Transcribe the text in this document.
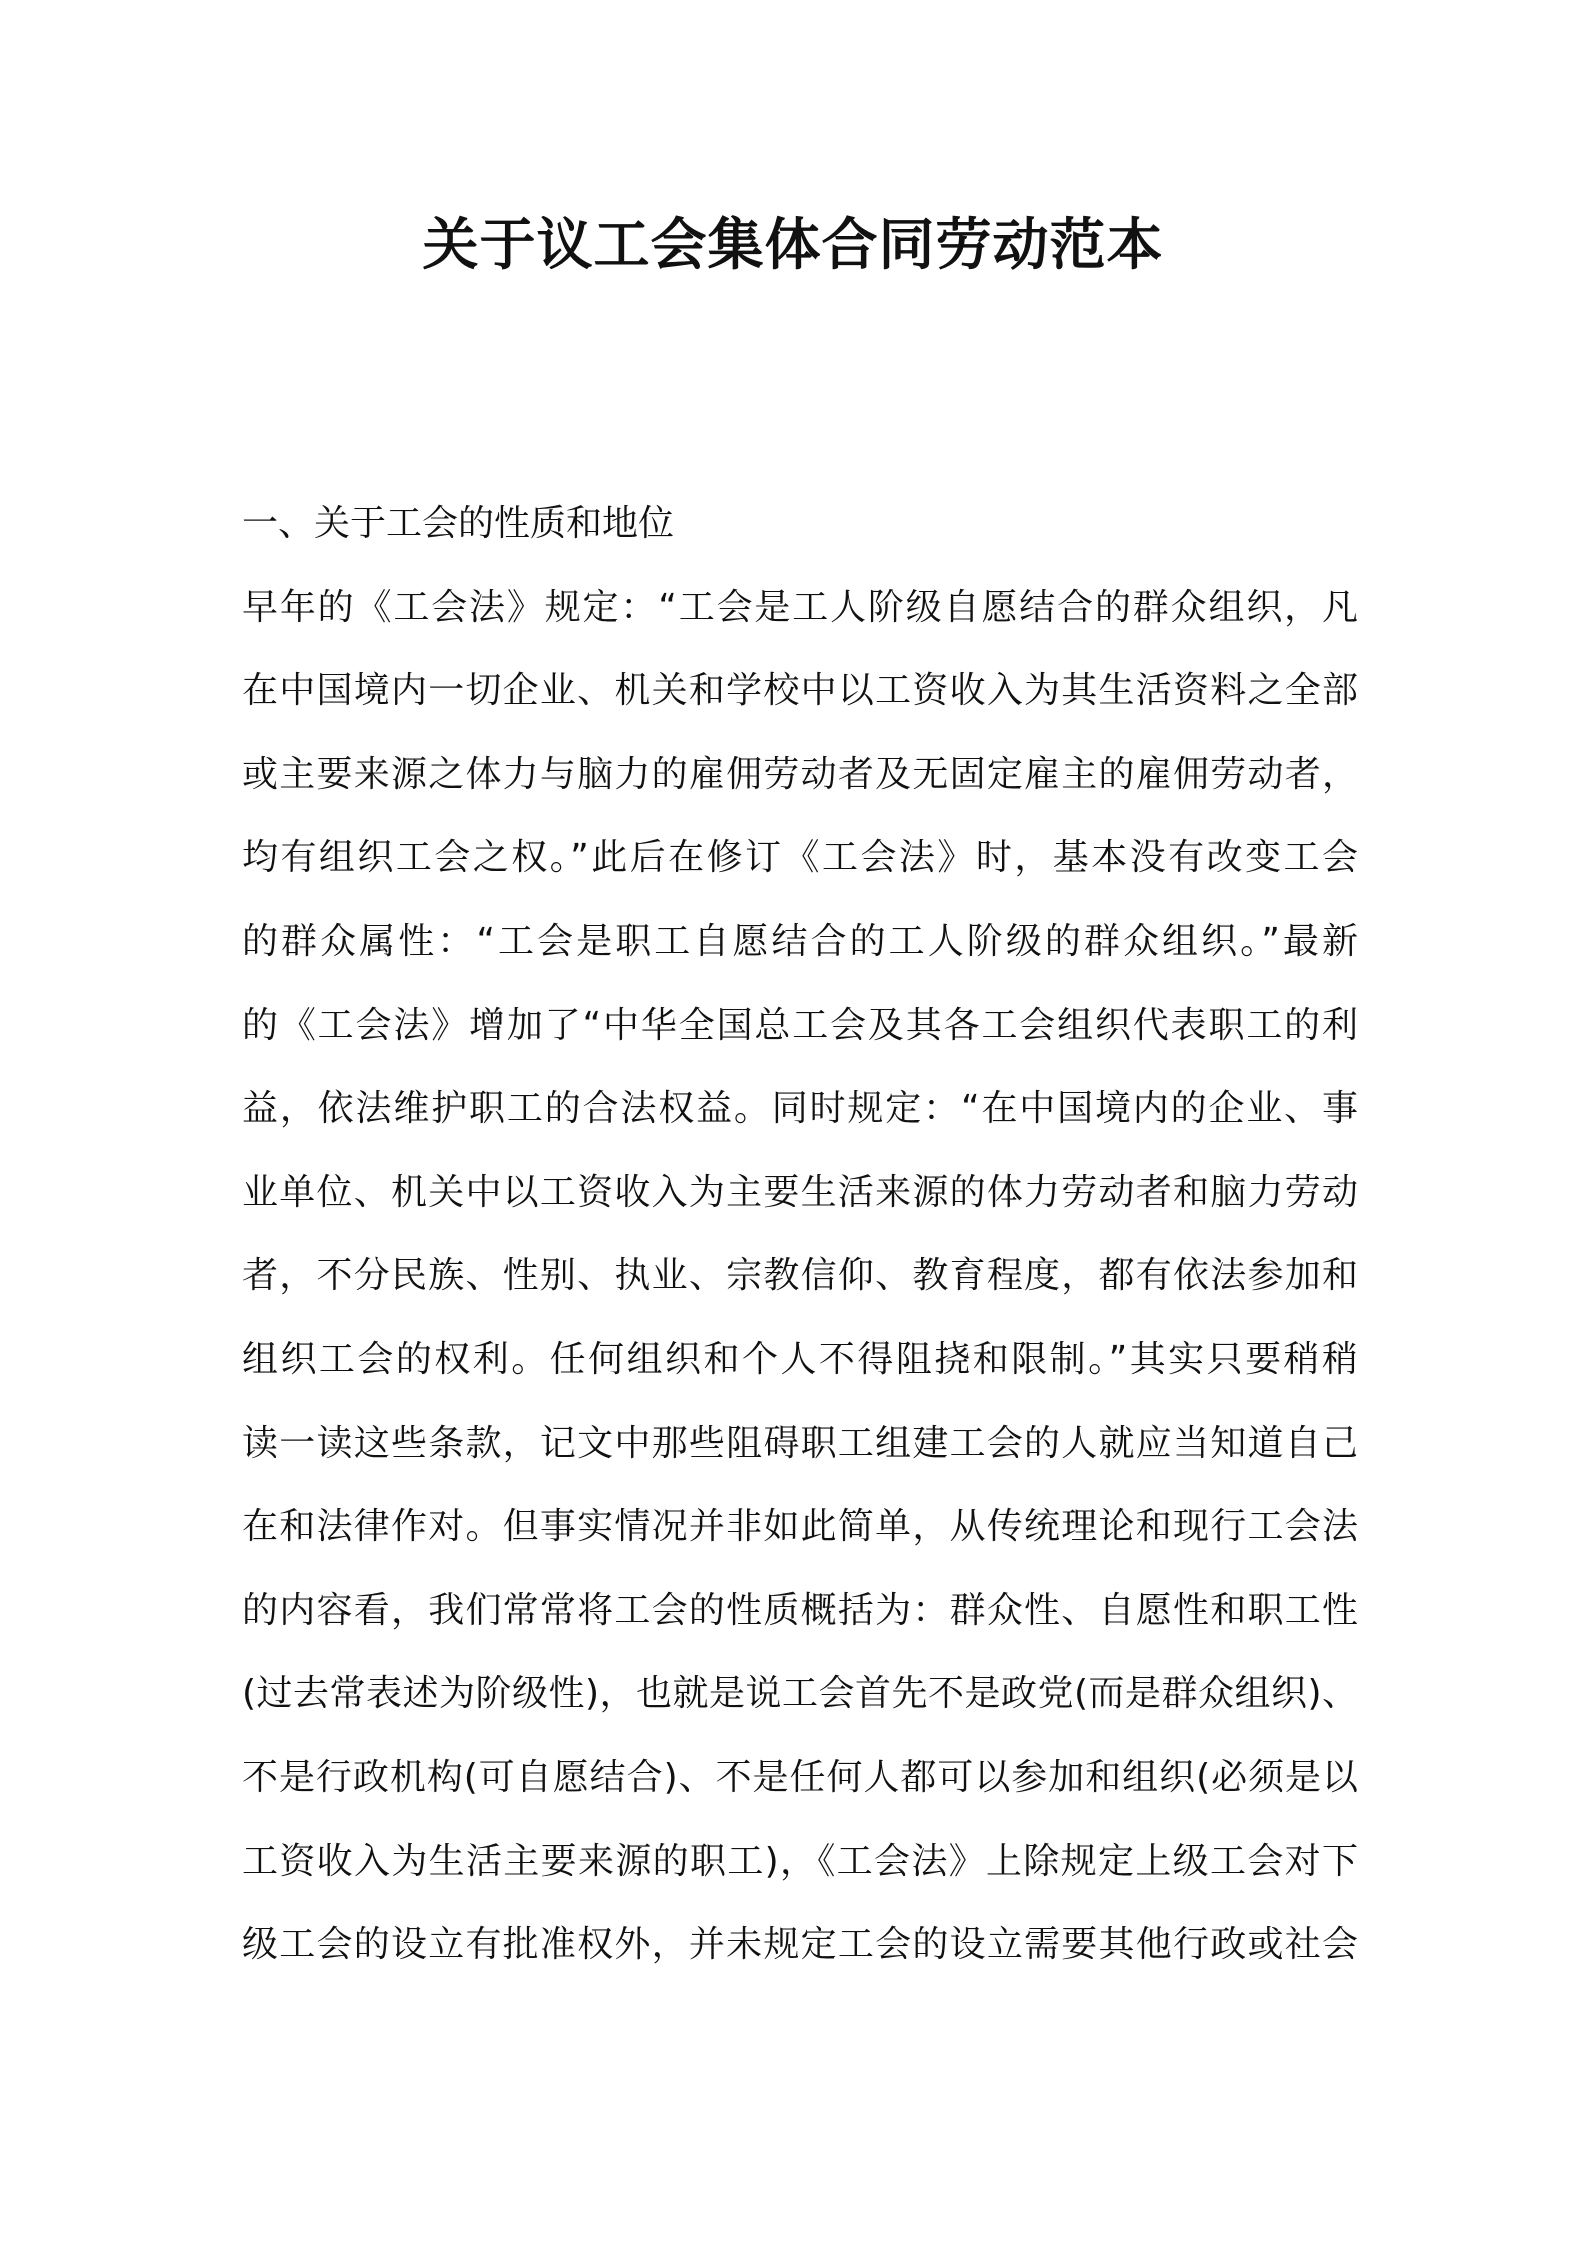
关于议工会集体合同劳动范本
一、关于工会的性质和地位
早年的《工会法》规定：“工会是工人阶级自愿结合的群众组织，凡
在中国境内一切企业、机关和学校中以工资收入为其生活资料之全部
或主要来源之体力与脑力的雇佣劳动者及无固定雇主的雇佣劳动者，
均有组织工会之权。”此后在修订《工会法》时，基本没有改变工会
的群众属性：“工会是职工自愿结合的工人阶级的群众组织。”最新
的《工会法》增加了“中华全国总工会及其各工会组织代表职工的利
益，依法维护职工的合法权益。同时规定：“在中国境内的企业、事
业单位、机关中以工资收入为主要生活来源的体力劳动者和脑力劳动
者，不分民族、性别、执业、宗教信仰、教育程度，都有依法参加和
组织工会的权利。任何组织和个人不得阻挠和限制。”其实只要稍稍
读一读这些条款，记文中那些阻碍职工组建工会的人就应当知道自己
在和法律作对。但事实情况并非如此简单，从传统理论和现行工会法
的内容看，我们常常将工会的性质概括为：群众性、自愿性和职工性
(过去常表述为阶级性)，也就是说工会首先不是政党(而是群众组织)、
不是行政机构(可自愿结合)、不是任何人都可以参加和组织(必须是以
工资收入为生活主要来源的职工)，《工会法》上除规定上级工会对下
级工会的设立有批准权外，并未规定工会的设立需要其他行政或社会
